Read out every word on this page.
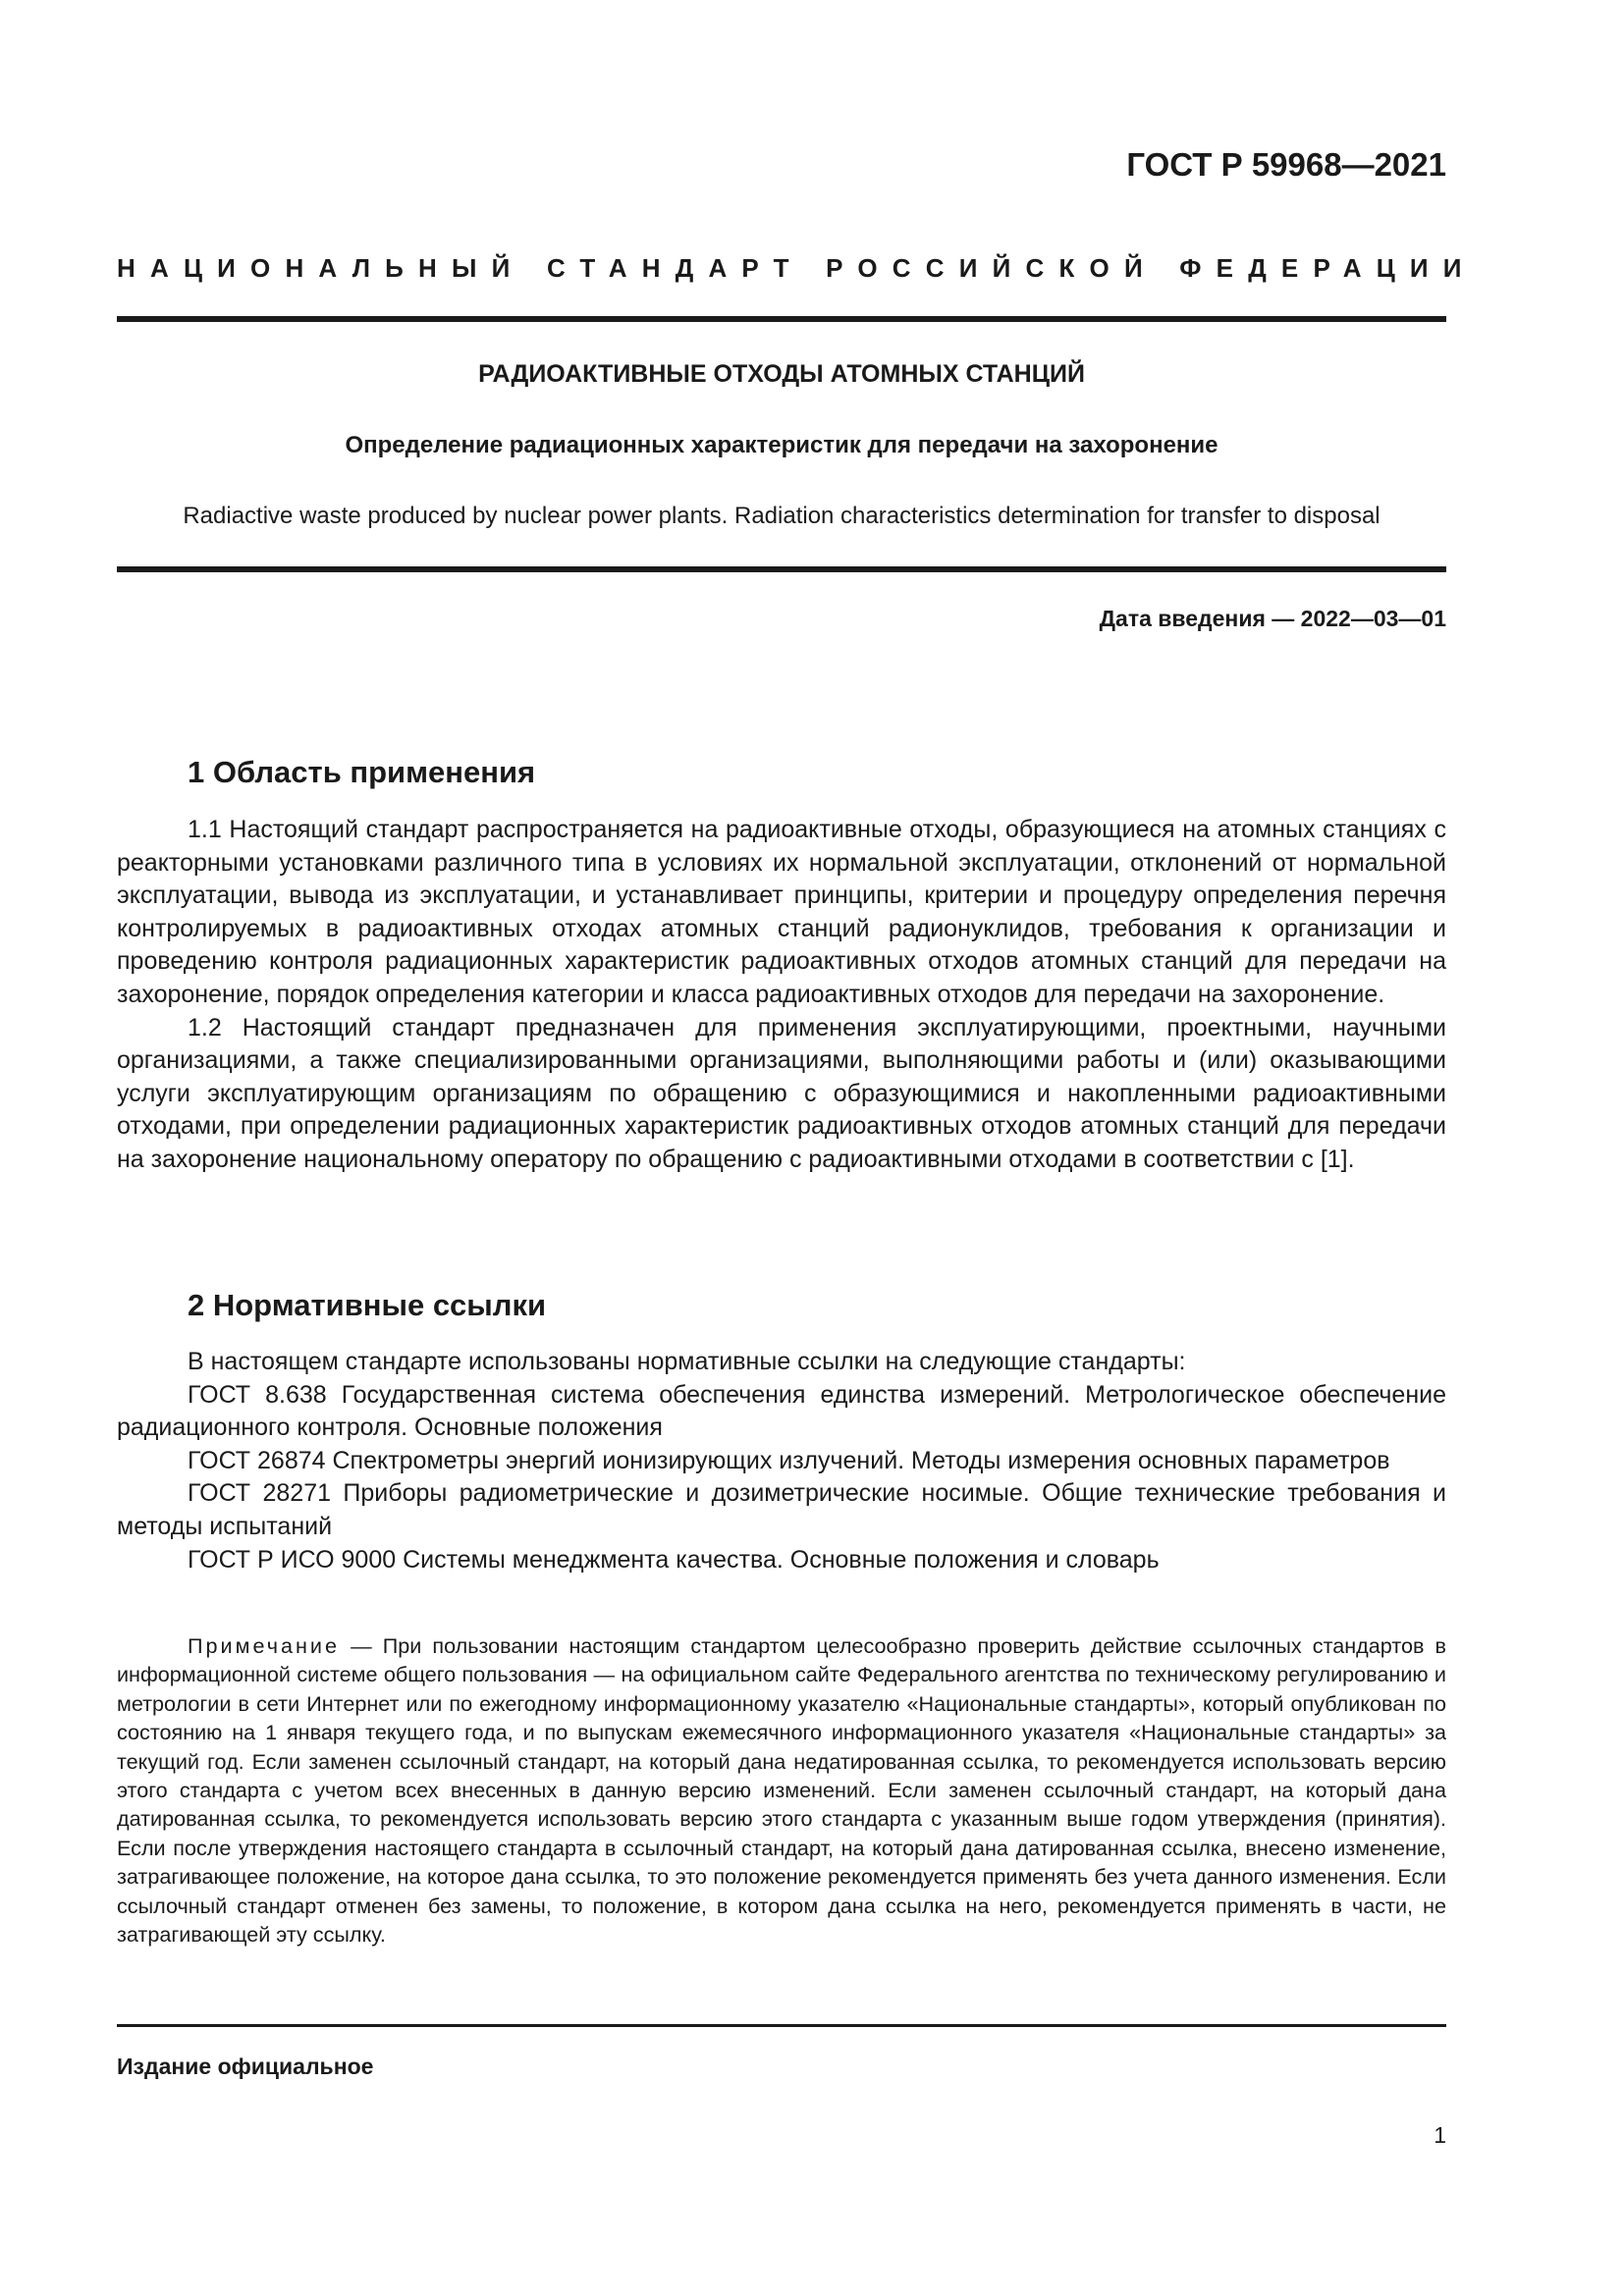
ГОСТ Р 59968—2021
НАЦИОНАЛЬНЫЙ СТАНДАРТ РОССИЙСКОЙ ФЕДЕРАЦИИ
РАДИОАКТИВНЫЕ ОТХОДЫ АТОМНЫХ СТАНЦИЙ
Определение радиационных характеристик для передачи на захоронение
Radiactive waste produced by nuclear power plants. Radiation characteristics determination for transfer to disposal
Дата введения — 2022—03—01
1 Область применения

1.1 Настоящий стандарт распространяется на радиоактивные отходы, образующиеся на атомных станциях с реакторными установками различного типа в условиях их нормальной эксплуатации, отклонений от нормальной эксплуатации, вывода из эксплуатации, и устанавливает принципы, критерии и процедуру определения перечня контролируемых в радиоактивных отходах атомных станций радионуклидов, требования к организации и проведению контроля радиационных характеристик радиоактивных отходов атомных станций для передачи на захоронение, порядок определения категории и класса радиоактивных отходов для передачи на захоронение.

1.2 Настоящий стандарт предназначен для применения эксплуатирующими, проектными, научными организациями, а также специализированными организациями, выполняющими работы и (или) оказывающими услуги эксплуатирующим организациям по обращению с образующимися и накопленными радиоактивными отходами, при определении радиационных характеристик радиоактивных отходов атомных станций для передачи на захоронение национальному оператору по обращению с радиоактивными отходами в соответствии с [1].

2 Нормативные ссылки

В настоящем стандарте использованы нормативные ссылки на следующие стандарты:

ГОСТ 8.638 Государственная система обеспечения единства измерений. Метрологическое обеспечение радиационного контроля. Основные положения

ГОСТ 26874 Спектрометры энергий ионизирующих излучений. Методы измерения основных параметров

ГОСТ 28271 Приборы радиометрические и дозиметрические носимые. Общие технические требования и методы испытаний

ГОСТ Р ИСО 9000 Системы менеджмента качества. Основные положения и словарь

Примечание — При пользовании настоящим стандартом целесообразно проверить действие ссылочных стандартов в информационной системе общего пользования — на официальном сайте Федерального агентства по техническому регулированию и метрологии в сети Интернет или по ежегодному информационному указателю «Национальные стандарты», который опубликован по состоянию на 1 января текущего года, и по выпускам ежемесячного информационного указателя «Национальные стандарты» за текущий год. Если заменен ссылочный стандарт, на который дана недатированная ссылка, то рекомендуется использовать версию этого стандарта с учетом всех внесенных в данную версию изменений. Если заменен ссылочный стандарт, на который дана датированная ссылка, то рекомендуется использовать версию этого стандарта с указанным выше годом утверждения (принятия). Если после утверждения настоящего стандарта в ссылочный стандарт, на который дана датированная ссылка, внесено изменение, затрагивающее положение, на которое дана ссылка, то это положение рекомендуется применять без учета данного изменения. Если ссылочный стандарт отменен без замены, то положение, в котором дана ссылка на него, рекомендуется применять в части, не затрагивающей эту ссылку.
Издание официальное
1
